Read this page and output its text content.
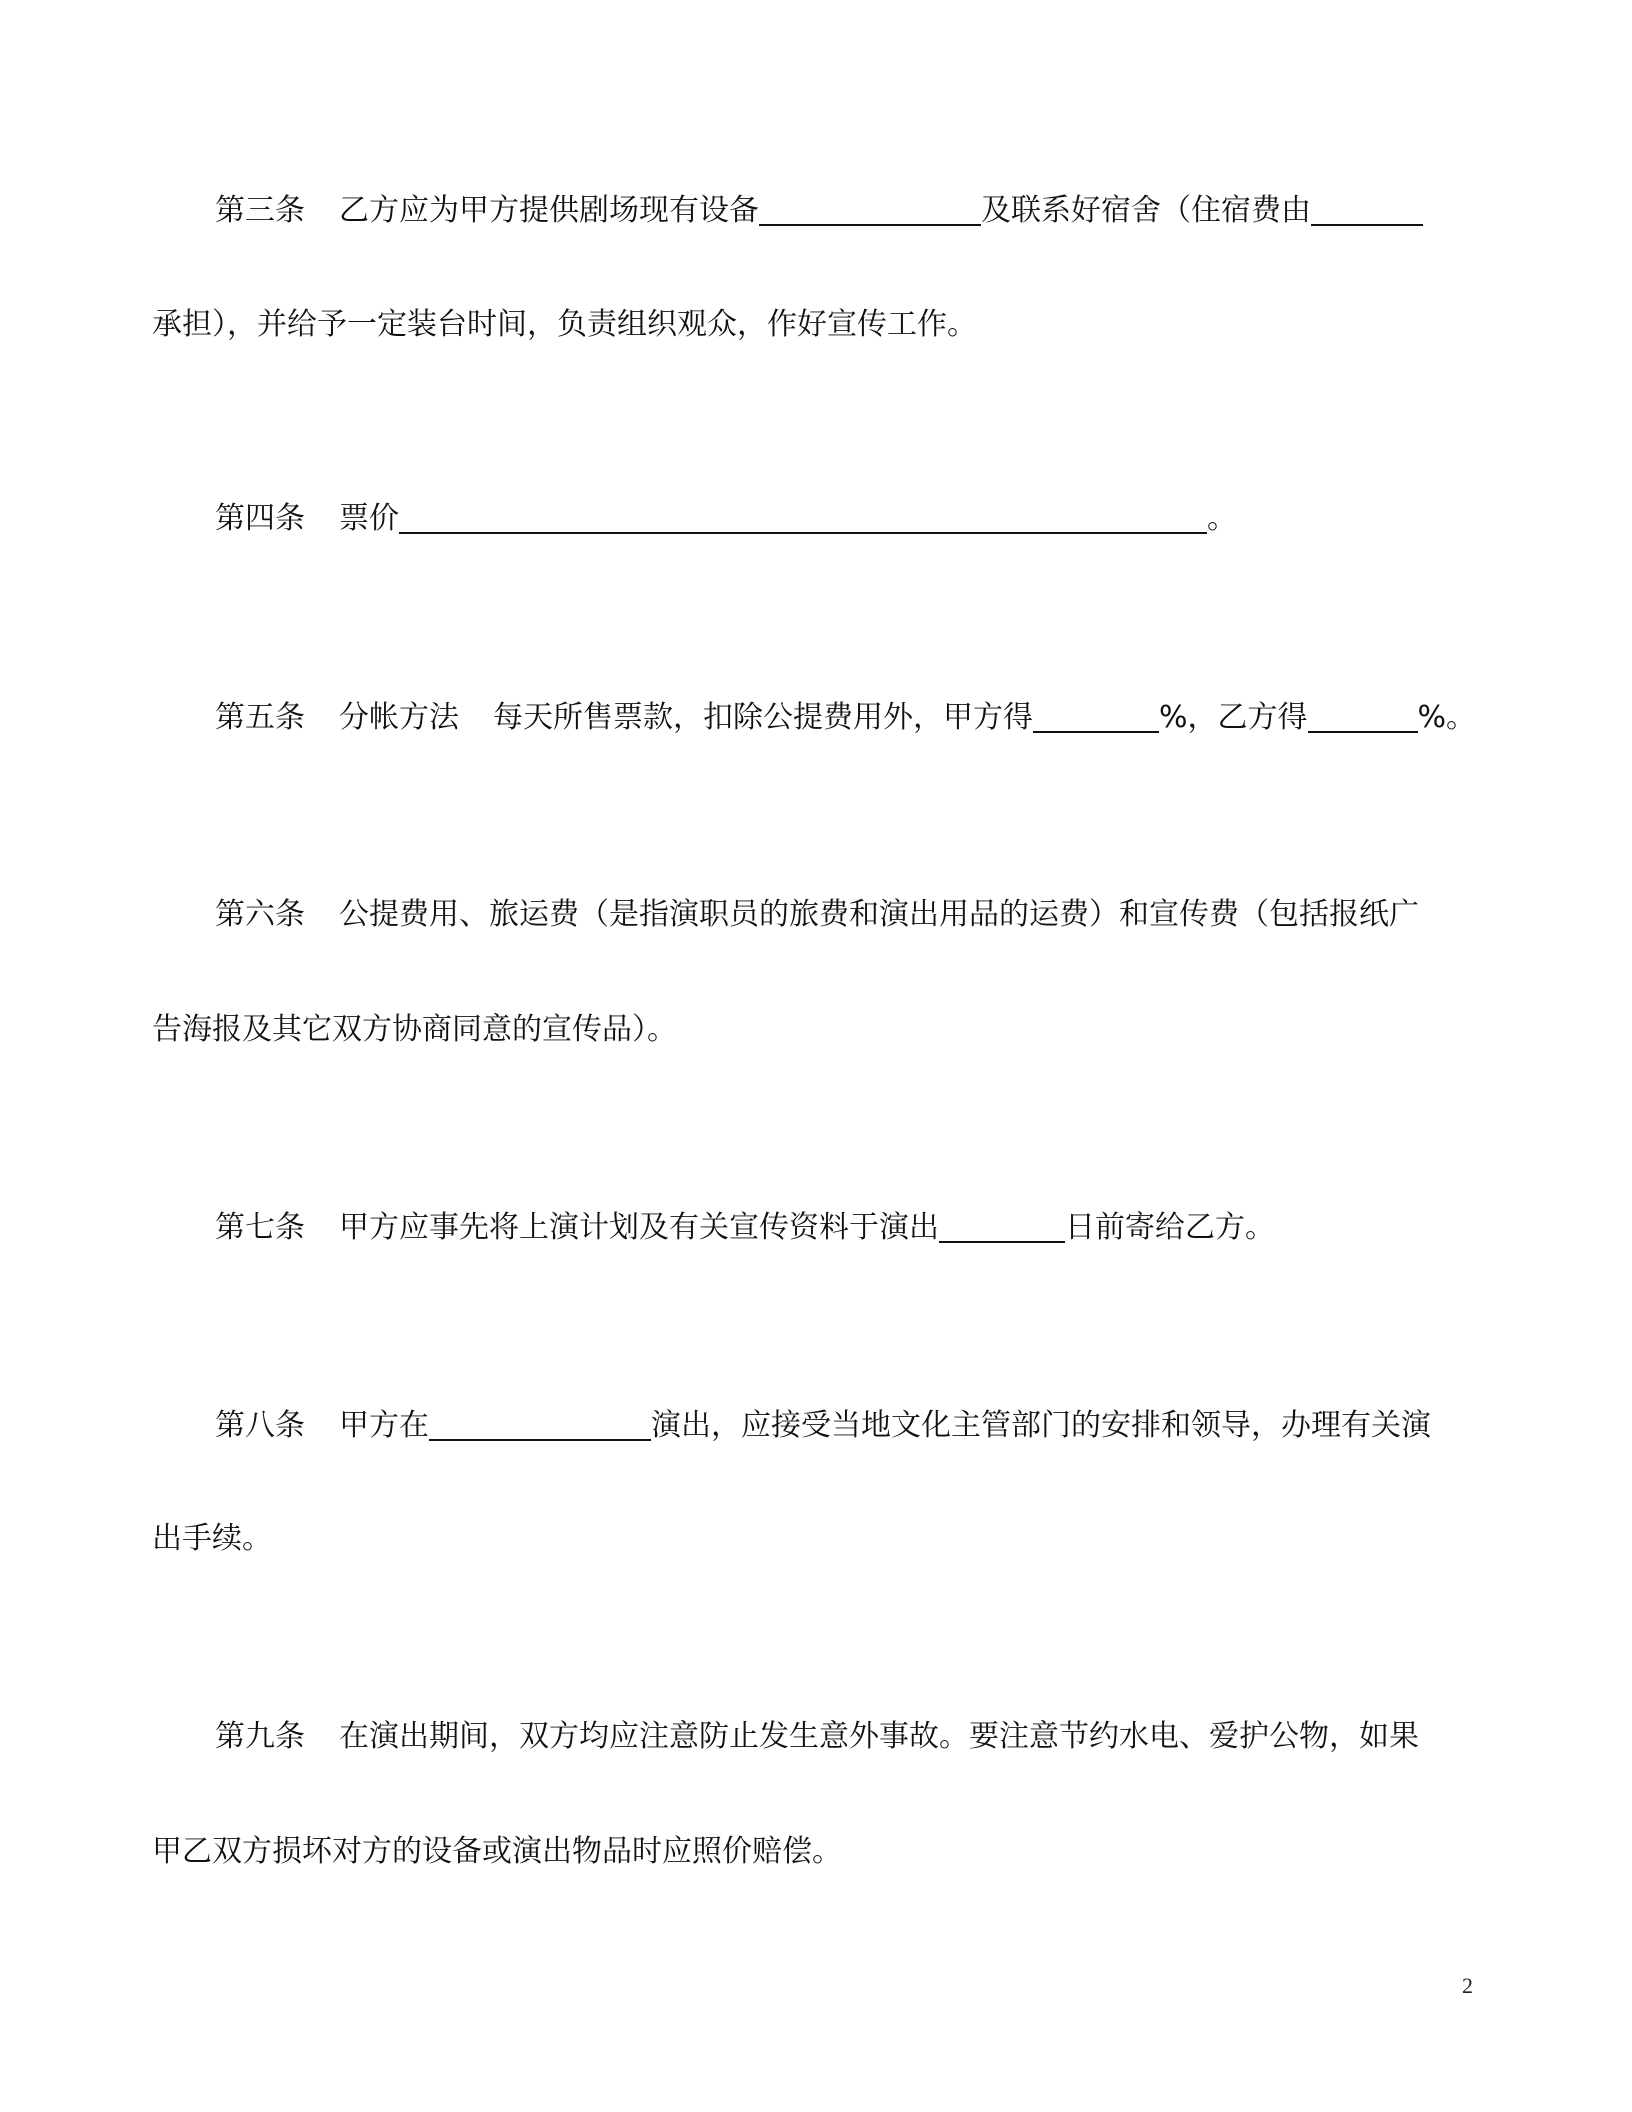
第三条 乙方应为甲方提供剧场现有设备	及联系好宿舍（住宿费由
承担），并给予一定装台时间，负责组织观众，作好宣传工作。
第四条 票价	。
第五条 分帐方法 每天所售票款，扣除公提费用外，甲方得	%，乙方得	%。
第六条 公提费用、旅运费（是指演职员的旅费和演出用品的运费）和宣传费（包括报纸广
告海报及其它双方协商同意的宣传品）。
第七条 甲方应事先将上演计划及有关宣传资料于演出	日前寄给乙方。
第八条 甲方在	演出，应接受当地文化主管部门的安排和领导，办理有关演
出手续。
第九条 在演出期间，双方均应注意防止发生意外事故。要注意节约水电、爱护公物，如果
甲乙双方损坏对方的设备或演出物品时应照价赔偿。
2
